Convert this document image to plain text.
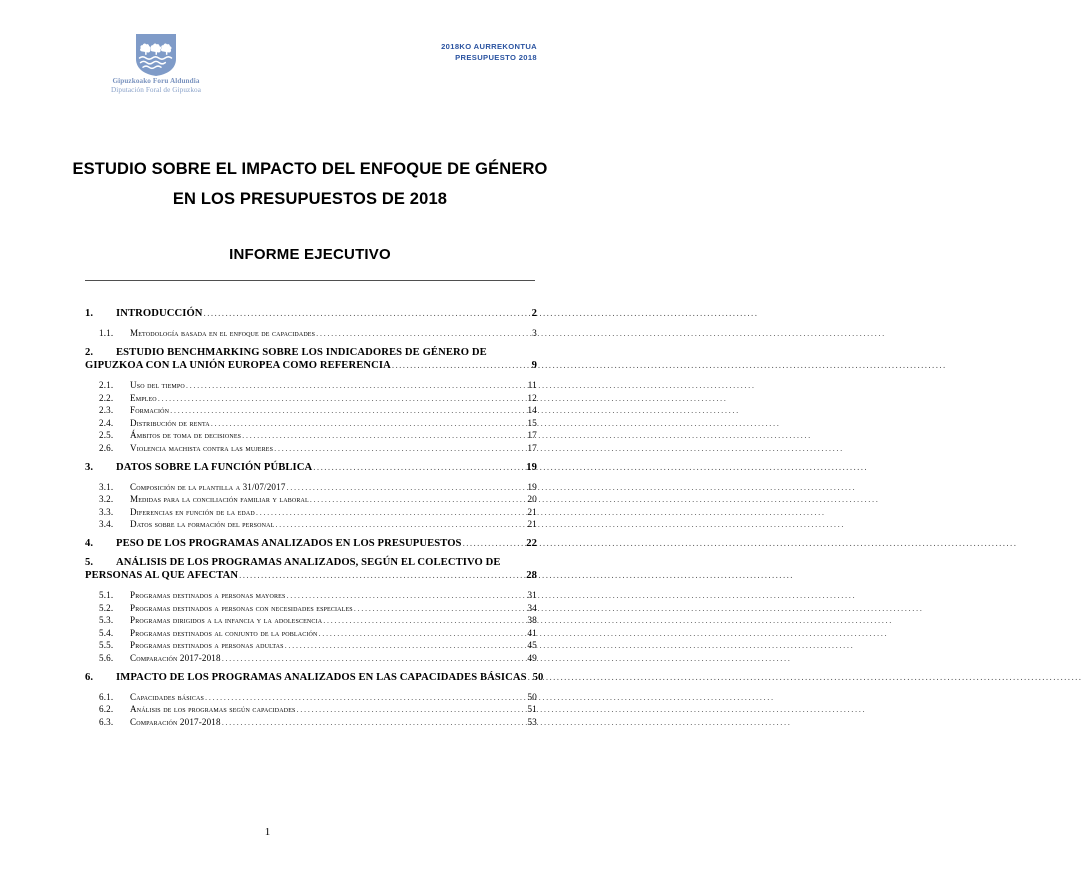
Gipuzkoako Foru Aldundia
Diputación Foral de Gipuzkoa
2018KO AURREKONTUA
PRESUPUESTO 2018
ESTUDIO SOBRE EL IMPACTO DEL ENFOQUE DE GÉNERO
EN LOS PRESUPUESTOS DE 2018
INFORME EJECUTIVO
1.	INTRODUCCIÓN .....	2
1.1.	Metodología basada en el enfoque de capacidades .....	3
2.	ESTUDIO BENCHMARKING SOBRE LOS INDICADORES DE GÉNERO DE
GIPUZKOA CON LA UNIÓN EUROPEA COMO REFERENCIA .....	9
2.1.	Uso del tiempo .....	11
2.2.	Empleo .....	12
2.3.	Formación .....	14
2.4.	Distribución de renta .....	15
2.5.	Ámbitos de toma de decisiones .....	17
2.6.	Violencia machista contra las mujeres .....	17
3.	DATOS SOBRE LA FUNCIÓN PÚBLICA .....	19
3.1.	Composición de la plantilla a 31/07/2017 .....	19
3.2.	Medidas para la conciliación familiar y laboral .....	20
3.3.	Diferencias en función de la edad .....	21
3.4.	Datos sobre la formación del personal .....	21
4.	PESO DE LOS PROGRAMAS ANALIZADOS EN LOS PRESUPUESTOS .....	22
5.	ANÁLISIS DE LOS PROGRAMAS ANALIZADOS, SEGÚN EL COLECTIVO DE
PERSONAS AL QUE AFECTAN .....	28
5.1.	Programas destinados a personas mayores .....	31
5.2.	Programas destinados a personas con necesidades especiales .....	34
5.3.	Programas dirigidos a la infancia y la adolescencia .....	38
5.4.	Programas destinados al conjunto de la población .....	41
5.5.	Programas destinados a personas adultas .....	45
5.6.	Comparación 2017-2018 .....	49
6.	IMPACTO DE LOS PROGRAMAS ANALIZADOS EN LAS CAPACIDADES BÁSICAS ..... 50
6.1.	Capacidades básicas .....	50
6.2.	Análisis de los programas según capacidades .....	51
6.3.	Comparación 2017-2018 .....	53
1
